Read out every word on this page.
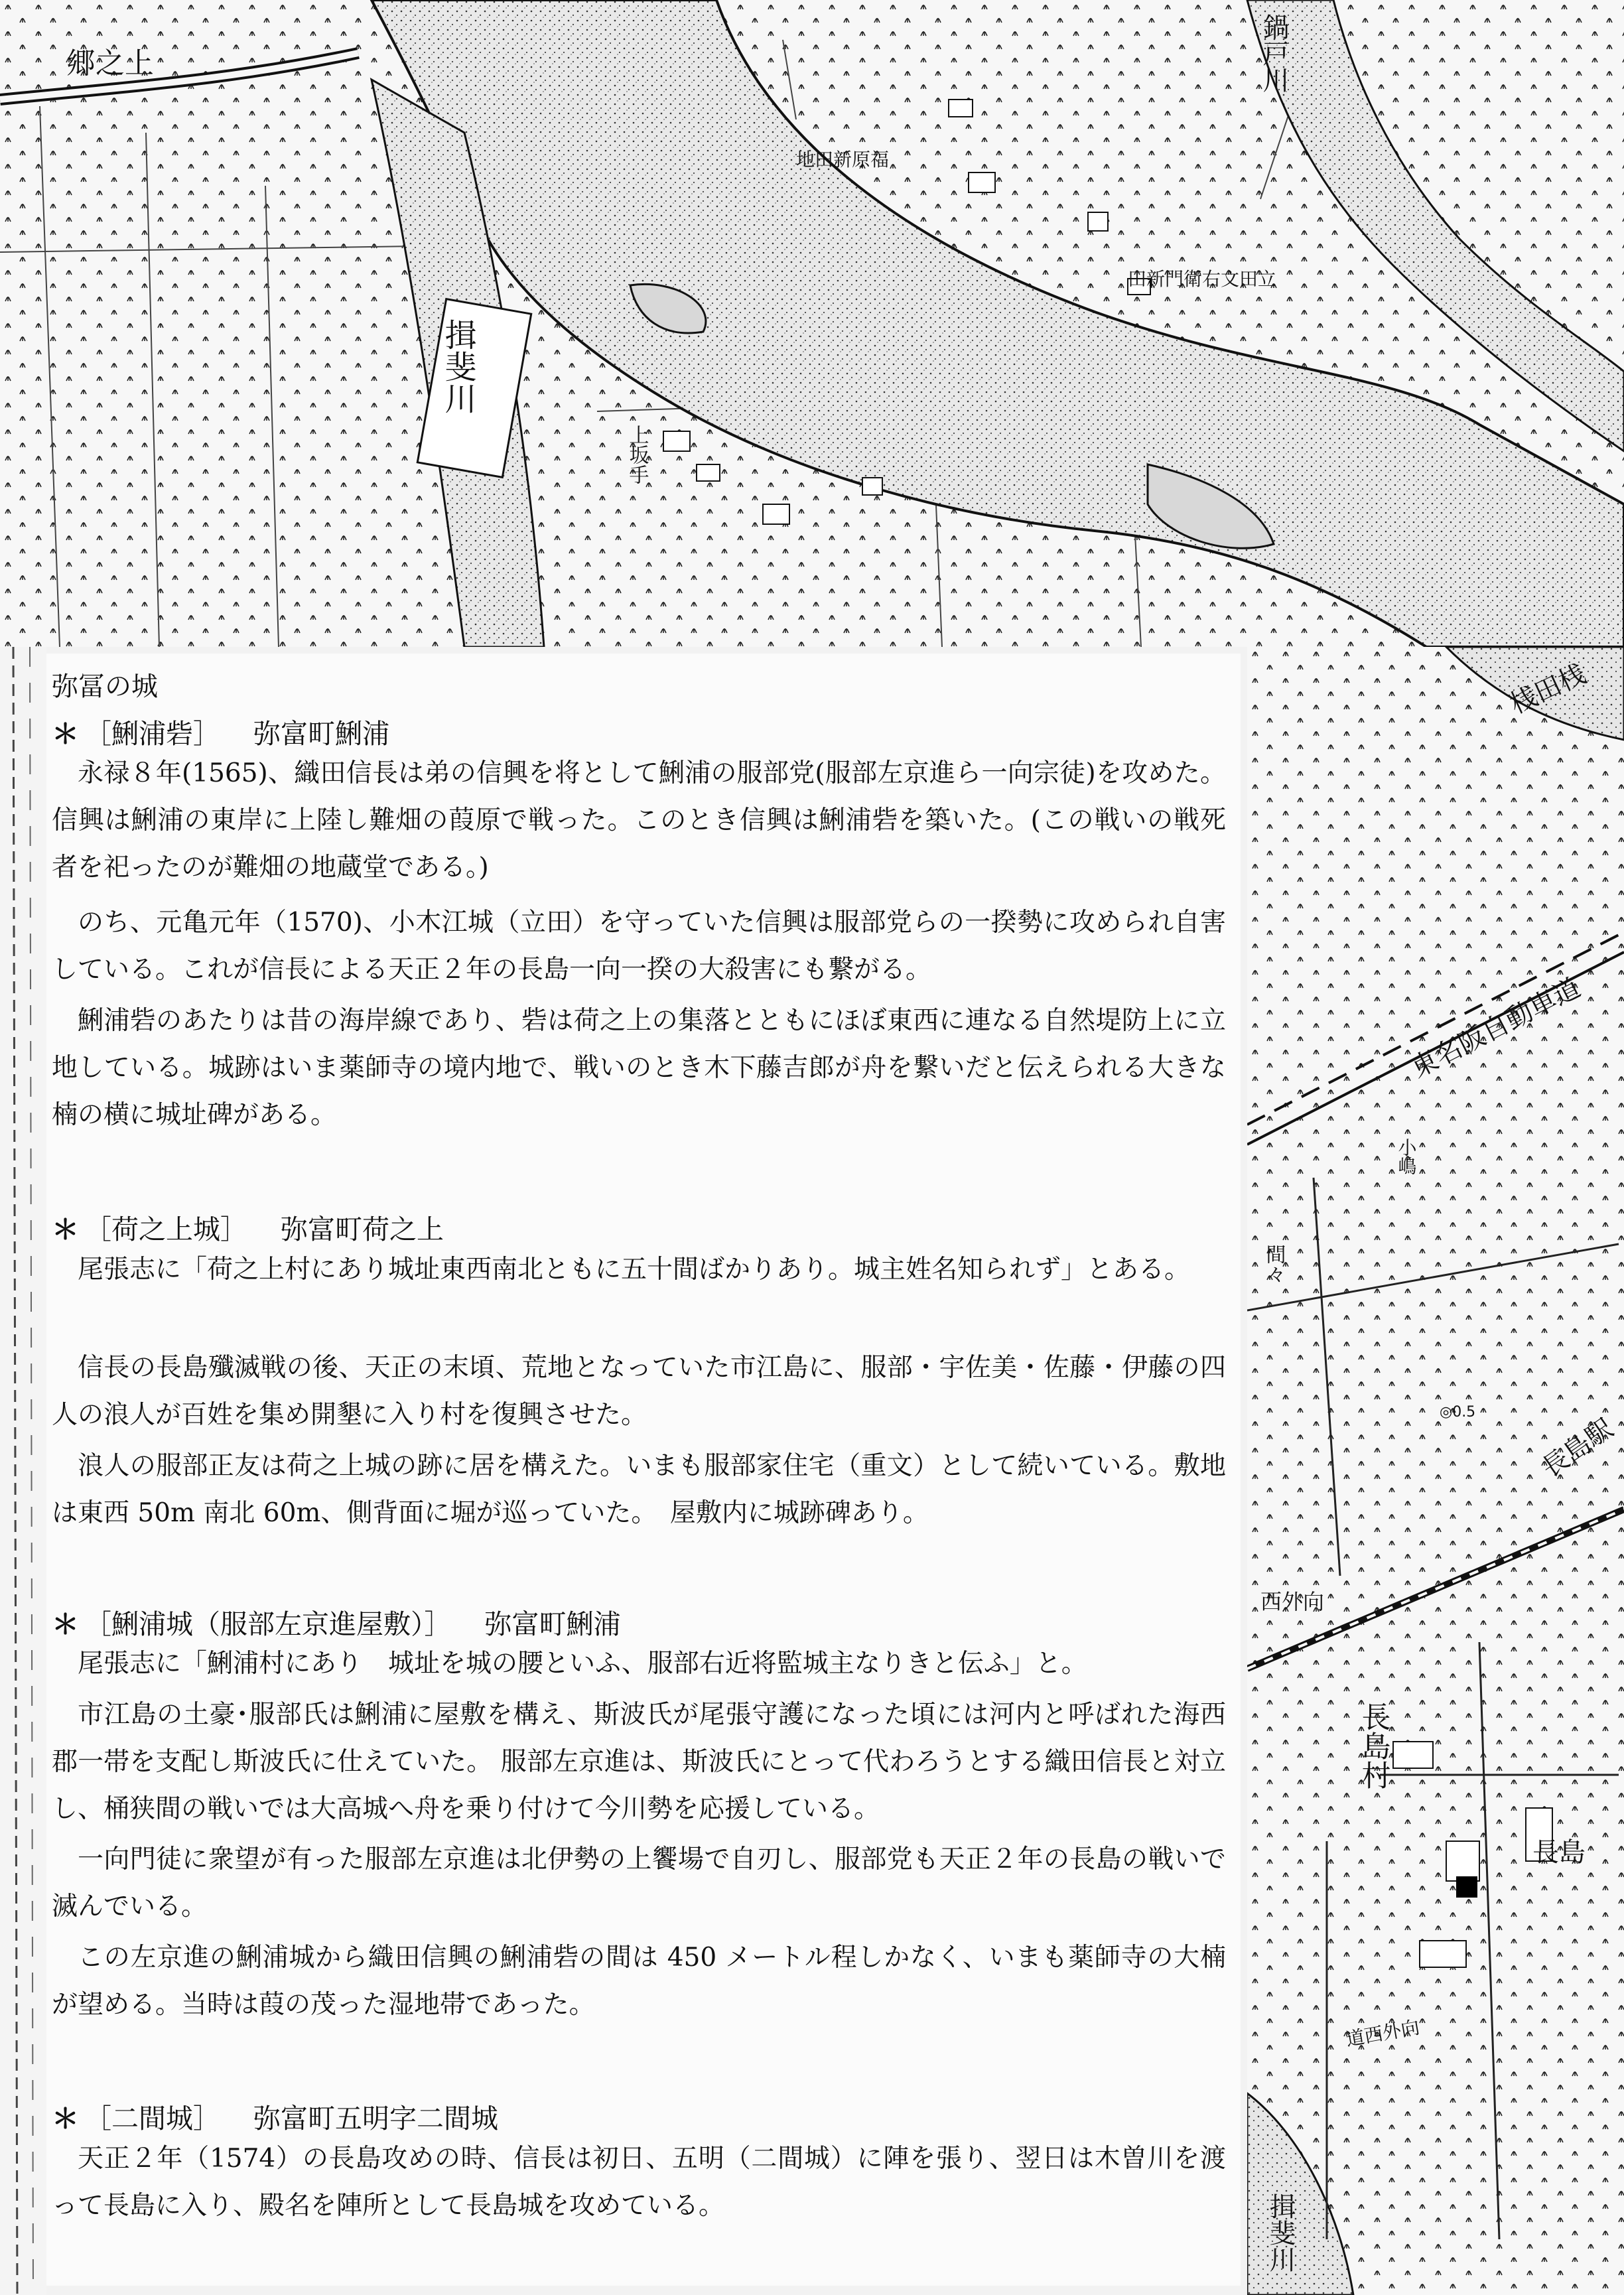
揖斐川
郷之上
上坂手
田新門衛右文田立
地田新原福
鍋戸川
東名阪自動車道
小嶋
間々
長島駅
西外向
長島村
長島
道西外向
揖斐川
桟田桟
◎0.5
弥冨の城
＊ ［鯏浦砦］ 弥富町鯏浦
永禄８年(1565)、織田信長は弟の信興を将として鯏浦の服部党(服部左京進ら一向宗徒)を攻めた。 信興は鯏浦の東岸に上陸し難畑の葭原で戦った。このとき信興は鯏浦砦を築いた。(この戦いの戦死者を祀ったのが難畑の地蔵堂である。)
のち、元亀元年（1570)、小木江城（立田）を守っていた信興は服部党らの一揆勢に攻められ自害している。これが信長による天正２年の長島一向一揆の大殺害にも繋がる。
鯏浦砦のあたりは昔の海岸線であり、砦は荷之上の集落とともにほぼ東西に連なる自然堤防上に立地している。城跡はいま薬師寺の境内地で、戦いのとき木下藤吉郎が舟を繋いだと伝えられる大きな楠の横に城址碑がある。
＊ ［荷之上城］ 弥富町荷之上
尾張志に「荷之上村にあり城址東西南北ともに五十間ばかりあり。城主姓名知られず」とある。
信長の長島殲滅戦の後、天正の末頃、荒地となっていた市江島に、服部・宇佐美・佐藤・伊藤の四人の浪人が百姓を集め開墾に入り村を復興させた。
浪人の服部正友は荷之上城の跡に居を構えた。いまも服部家住宅（重文）として続いている。敷地は東西 50m 南北 60m、側背面に堀が巡っていた。　屋敷内に城跡碑あり。
＊ ［鯏浦城（服部左京進屋敷）］ 弥富町鯏浦
尾張志に「鯏浦村にあり　城址を城の腰といふ、服部右近将監城主なりきと伝ふ」と。
市江島の土豪･服部氏は鯏浦に屋敷を構え、斯波氏が尾張守護になった頃には河内と呼ばれた海西郡一帯を支配し斯波氏に仕えていた。 服部左京進は、斯波氏にとって代わろうとする織田信長と対立し、桶狭間の戦いでは大高城へ舟を乗り付けて今川勢を応援している。
一向門徒に衆望が有った服部左京進は北伊勢の上饗場で自刃し、服部党も天正２年の長島の戦いで滅んでいる。
この左京進の鯏浦城から織田信興の鯏浦砦の間は 450 メートル程しかなく、いまも薬師寺の大楠が望める。当時は葭の茂った湿地帯であった。
＊ ［二間城］ 弥富町五明字二間城
天正２年（1574）の長島攻めの時、信長は初日、五明（二間城）に陣を張り、翌日は木曽川を渡って長島に入り、殿名を陣所として長島城を攻めている。
